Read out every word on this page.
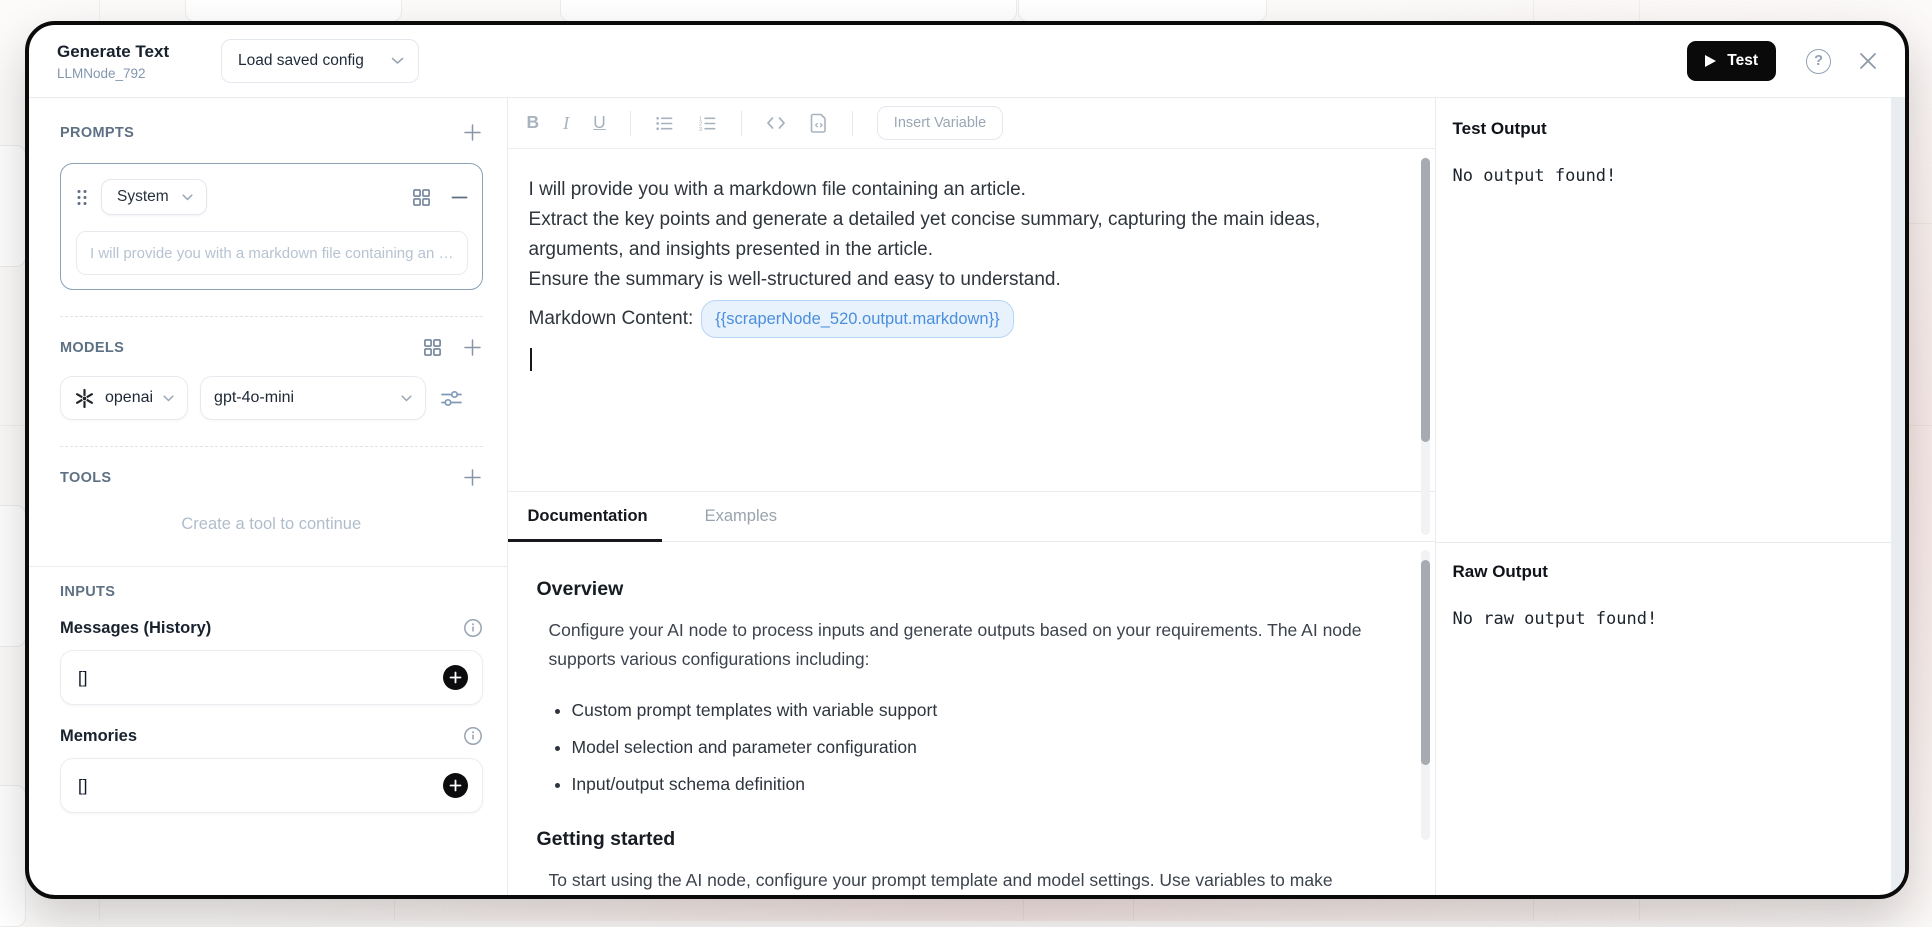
Generate Text
LLMNode_792
Load saved config	Test	?
PROMPTS
System
I will provide you with a markdown file containing an …
MODELS
openai	gpt-4o-mini
TOOLS
Create a tool to continue
INPUTS
Messages (History)
[]
Memories
[]
B I U	1
2
3	Insert Variable

I will provide you with a markdown file containing an article.

Extract the key points and generate a detailed yet concise summary, capturing the main ideas, arguments, and insights presented in the article.

Ensure the summary is well-structured and easy to understand.

Markdown Content:	{{scraperNode_520.output.markdown}}

Documentation	Examples
Overview

Configure your AI node to process inputs and generate outputs based on your requirements. The AI node supports various configurations including:

• Custom prompt templates with variable support
• Model selection and parameter configuration
• Input/output schema definition
Getting started

To start using the AI node, configure your prompt template and model settings. Use variables to make

Test Output
No output found!
Raw Output
No raw output found!
